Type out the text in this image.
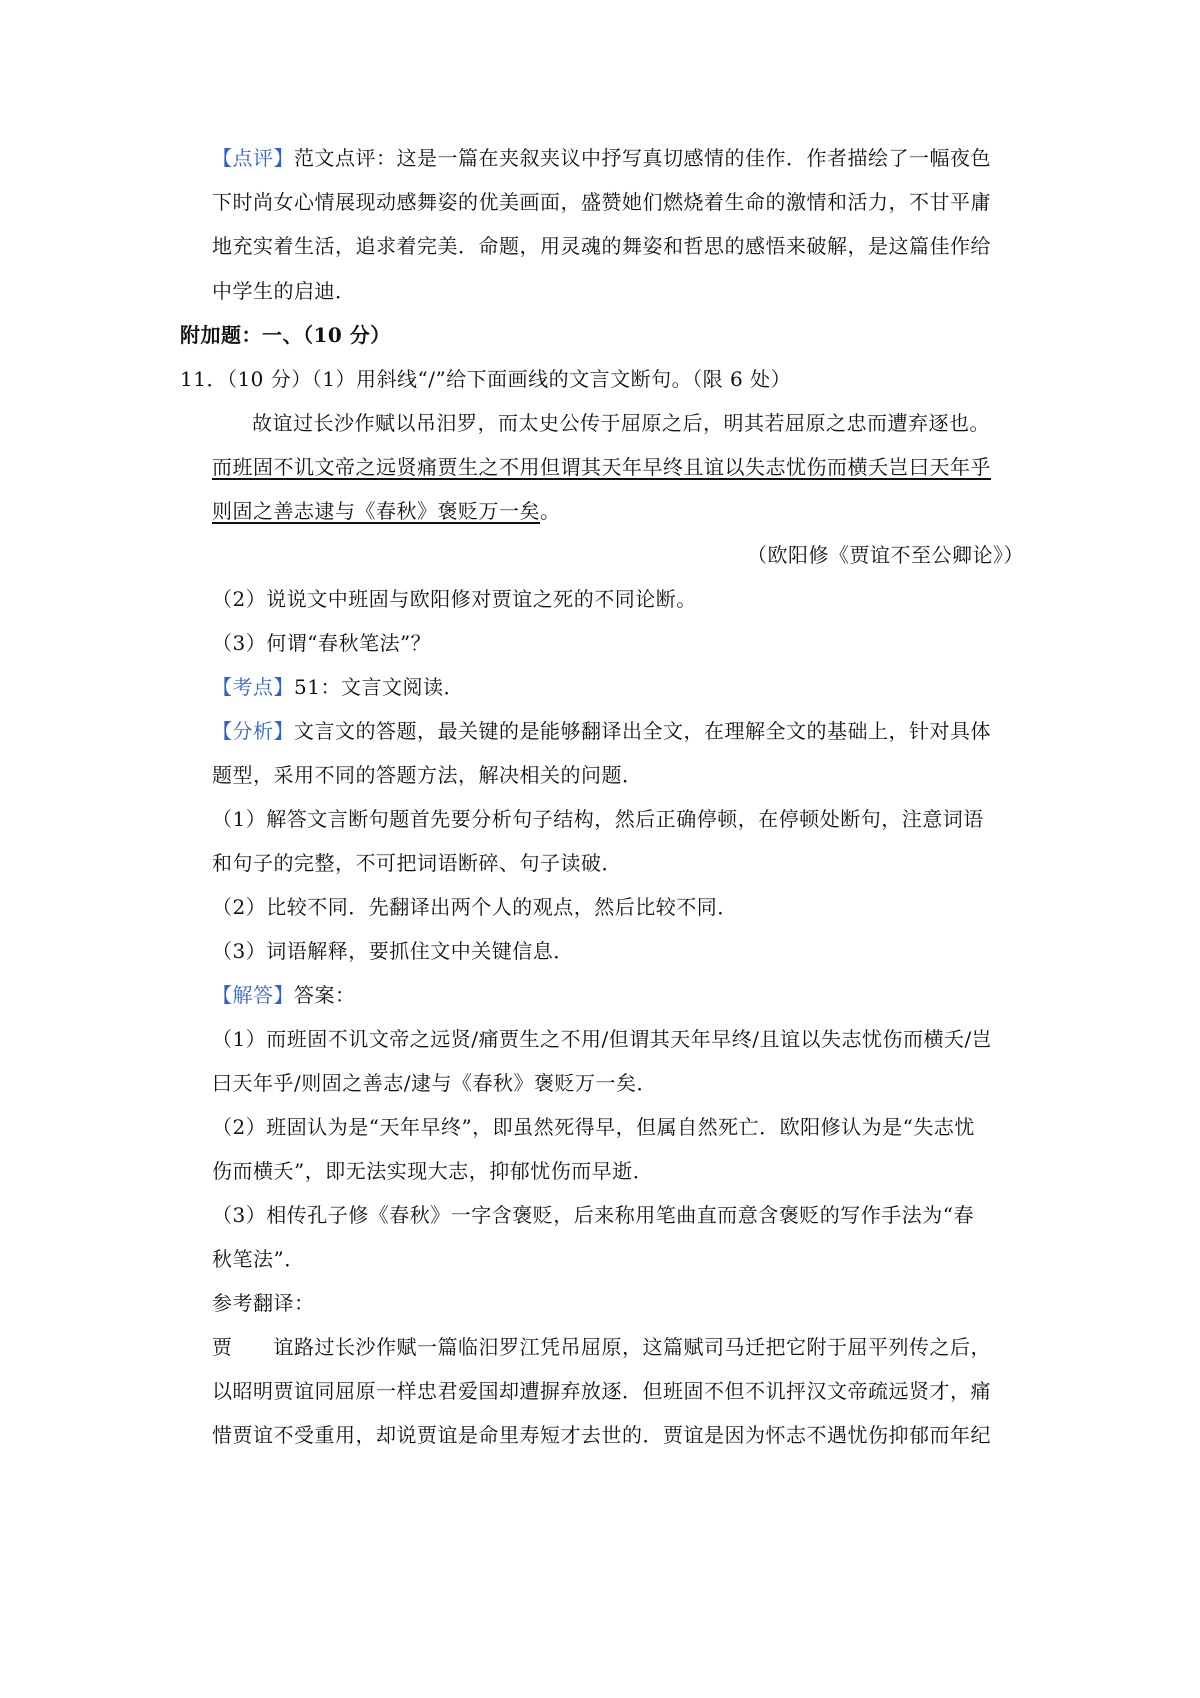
【点评】范文点评：这是一篇在夹叙夹议中抒写真切感情的佳作．作者描绘了一幅夜色
下时尚女心情展现动感舞姿的优美画面，盛赞她们燃烧着生命的激情和活力，不甘平庸
地充实着生活，追求着完美．命题，用灵魂的舞姿和哲思的感悟来破解，是这篇佳作给
中学生的启迪．
附加题：一、（10 分）
11．（10 分）（1）用斜线“/”给下面画线的文言文断句。（限 6 处）
故谊过长沙作赋以吊汨罗，而太史公传于屈原之后，明其若屈原之忠而遭弃逐也。
而班固不讥文帝之远贤痛贾生之不用但谓其天年早终且谊以失志忧伤而横夭岂曰天年乎
则固之善志逮与《春秋》褒贬万一矣。
（欧阳修《贾谊不至公卿论》）
（2）说说文中班固与欧阳修对贾谊之死的不同论断。
（3）何谓“春秋笔法”？
【考点】51：文言文阅读．
【分析】文言文的答题，最关键的是能够翻译出全文，在理解全文的基础上，针对具体
题型，采用不同的答题方法，解决相关的问题．
（1）解答文言断句题首先要分析句子结构，然后正确停顿，在停顿处断句，注意词语
和句子的完整，不可把词语断碎、句子读破．
（2）比较不同．先翻译出两个人的观点，然后比较不同．
（3）词语解释，要抓住文中关键信息．
【解答】答案：
（1）而班固不讥文帝之远贤/痛贾生之不用/但谓其天年早终/且谊以失志忧伤而横夭/岂
曰天年乎/则固之善志/逮与《春秋》褒贬万一矣．
（2）班固认为是“天年早终”，即虽然死得早，但属自然死亡．欧阳修认为是“失志忧
伤而横夭”，即无法实现大志，抑郁忧伤而早逝．
（3）相传孔子修《春秋》一字含褒贬，后来称用笔曲直而意含褒贬的写作手法为“春
秋笔法”．
参考翻译：
贾　　谊路过长沙作赋一篇临汨罗江凭吊屈原，这篇赋司马迁把它附于屈平列传之后，
以昭明贾谊同屈原一样忠君爱国却遭摒弃放逐．但班固不但不讥抨汉文帝疏远贤才，痛
惜贾谊不受重用，却说贾谊是命里寿短才去世的．贾谊是因为怀志不遇忧伤抑郁而年纪
